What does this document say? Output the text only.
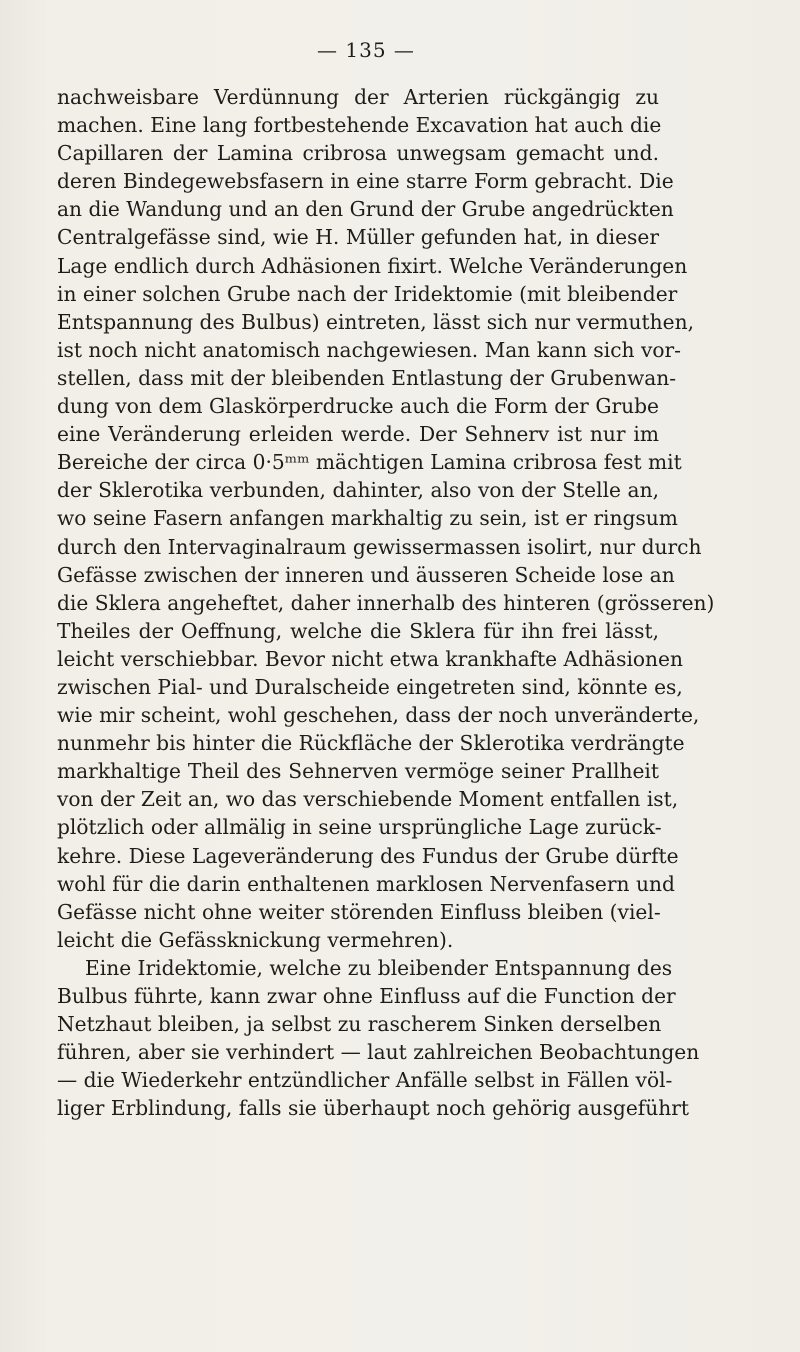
— 135 —
nachweisbare Verdünnung der Arterien rückgängig zu
machen. Eine lang fortbestehende Excavation hat auch die
Capillaren der Lamina cribrosa unwegsam gemacht und.
deren Bindegewebsfasern in eine starre Form gebracht. Die
an die Wandung und an den Grund der Grube angedrückten
Centralgefässe sind, wie H. Müller gefunden hat, in dieser
Lage endlich durch Adhäsionen fixirt. Welche Veränderungen
in einer solchen Grube nach der Iridektomie (mit bleibender
Entspannung des Bulbus) eintreten, lässt sich nur vermuthen,
ist noch nicht anatomisch nachgewiesen. Man kann sich vor-
stellen, dass mit der bleibenden Entlastung der Grubenwan-
dung von dem Glaskörperdrucke auch die Form der Grube
eine Veränderung erleiden werde. Der Sehnerv ist nur im
Bereiche der circa 0·5ᵐᵐ mächtigen Lamina cribrosa fest mit
der Sklerotika verbunden, dahinter, also von der Stelle an,
wo seine Fasern anfangen markhaltig zu sein, ist er ringsum
durch den Intervaginalraum gewissermassen isolirt, nur durch
Gefässe zwischen der inneren und äusseren Scheide lose an
die Sklera angeheftet, daher innerhalb des hinteren (grösseren)
Theiles der Oeffnung, welche die Sklera für ihn frei lässt,
leicht verschiebbar. Bevor nicht etwa krankhafte Adhäsionen
zwischen Pial- und Duralscheide eingetreten sind, könnte es,
wie mir scheint, wohl geschehen, dass der noch unveränderte,
nunmehr bis hinter die Rückfläche der Sklerotika verdrängte
markhaltige Theil des Sehnerven vermöge seiner Prallheit
von der Zeit an, wo das verschiebende Moment entfallen ist,
plötzlich oder allmälig in seine ursprüngliche Lage zurück-
kehre. Diese Lageveränderung des Fundus der Grube dürfte
wohl für die darin enthaltenen marklosen Nervenfasern und
Gefässe nicht ohne weiter störenden Einfluss bleiben (viel-
leicht die Gefässknickung vermehren).
Eine Iridektomie, welche zu bleibender Entspannung des
Bulbus führte, kann zwar ohne Einfluss auf die Function der
Netzhaut bleiben, ja selbst zu rascherem Sinken derselben
führen, aber sie verhindert — laut zahlreichen Beobachtungen
— die Wiederkehr entzündlicher Anfälle selbst in Fällen völ-
liger Erblindung, falls sie überhaupt noch gehörig ausgeführt
